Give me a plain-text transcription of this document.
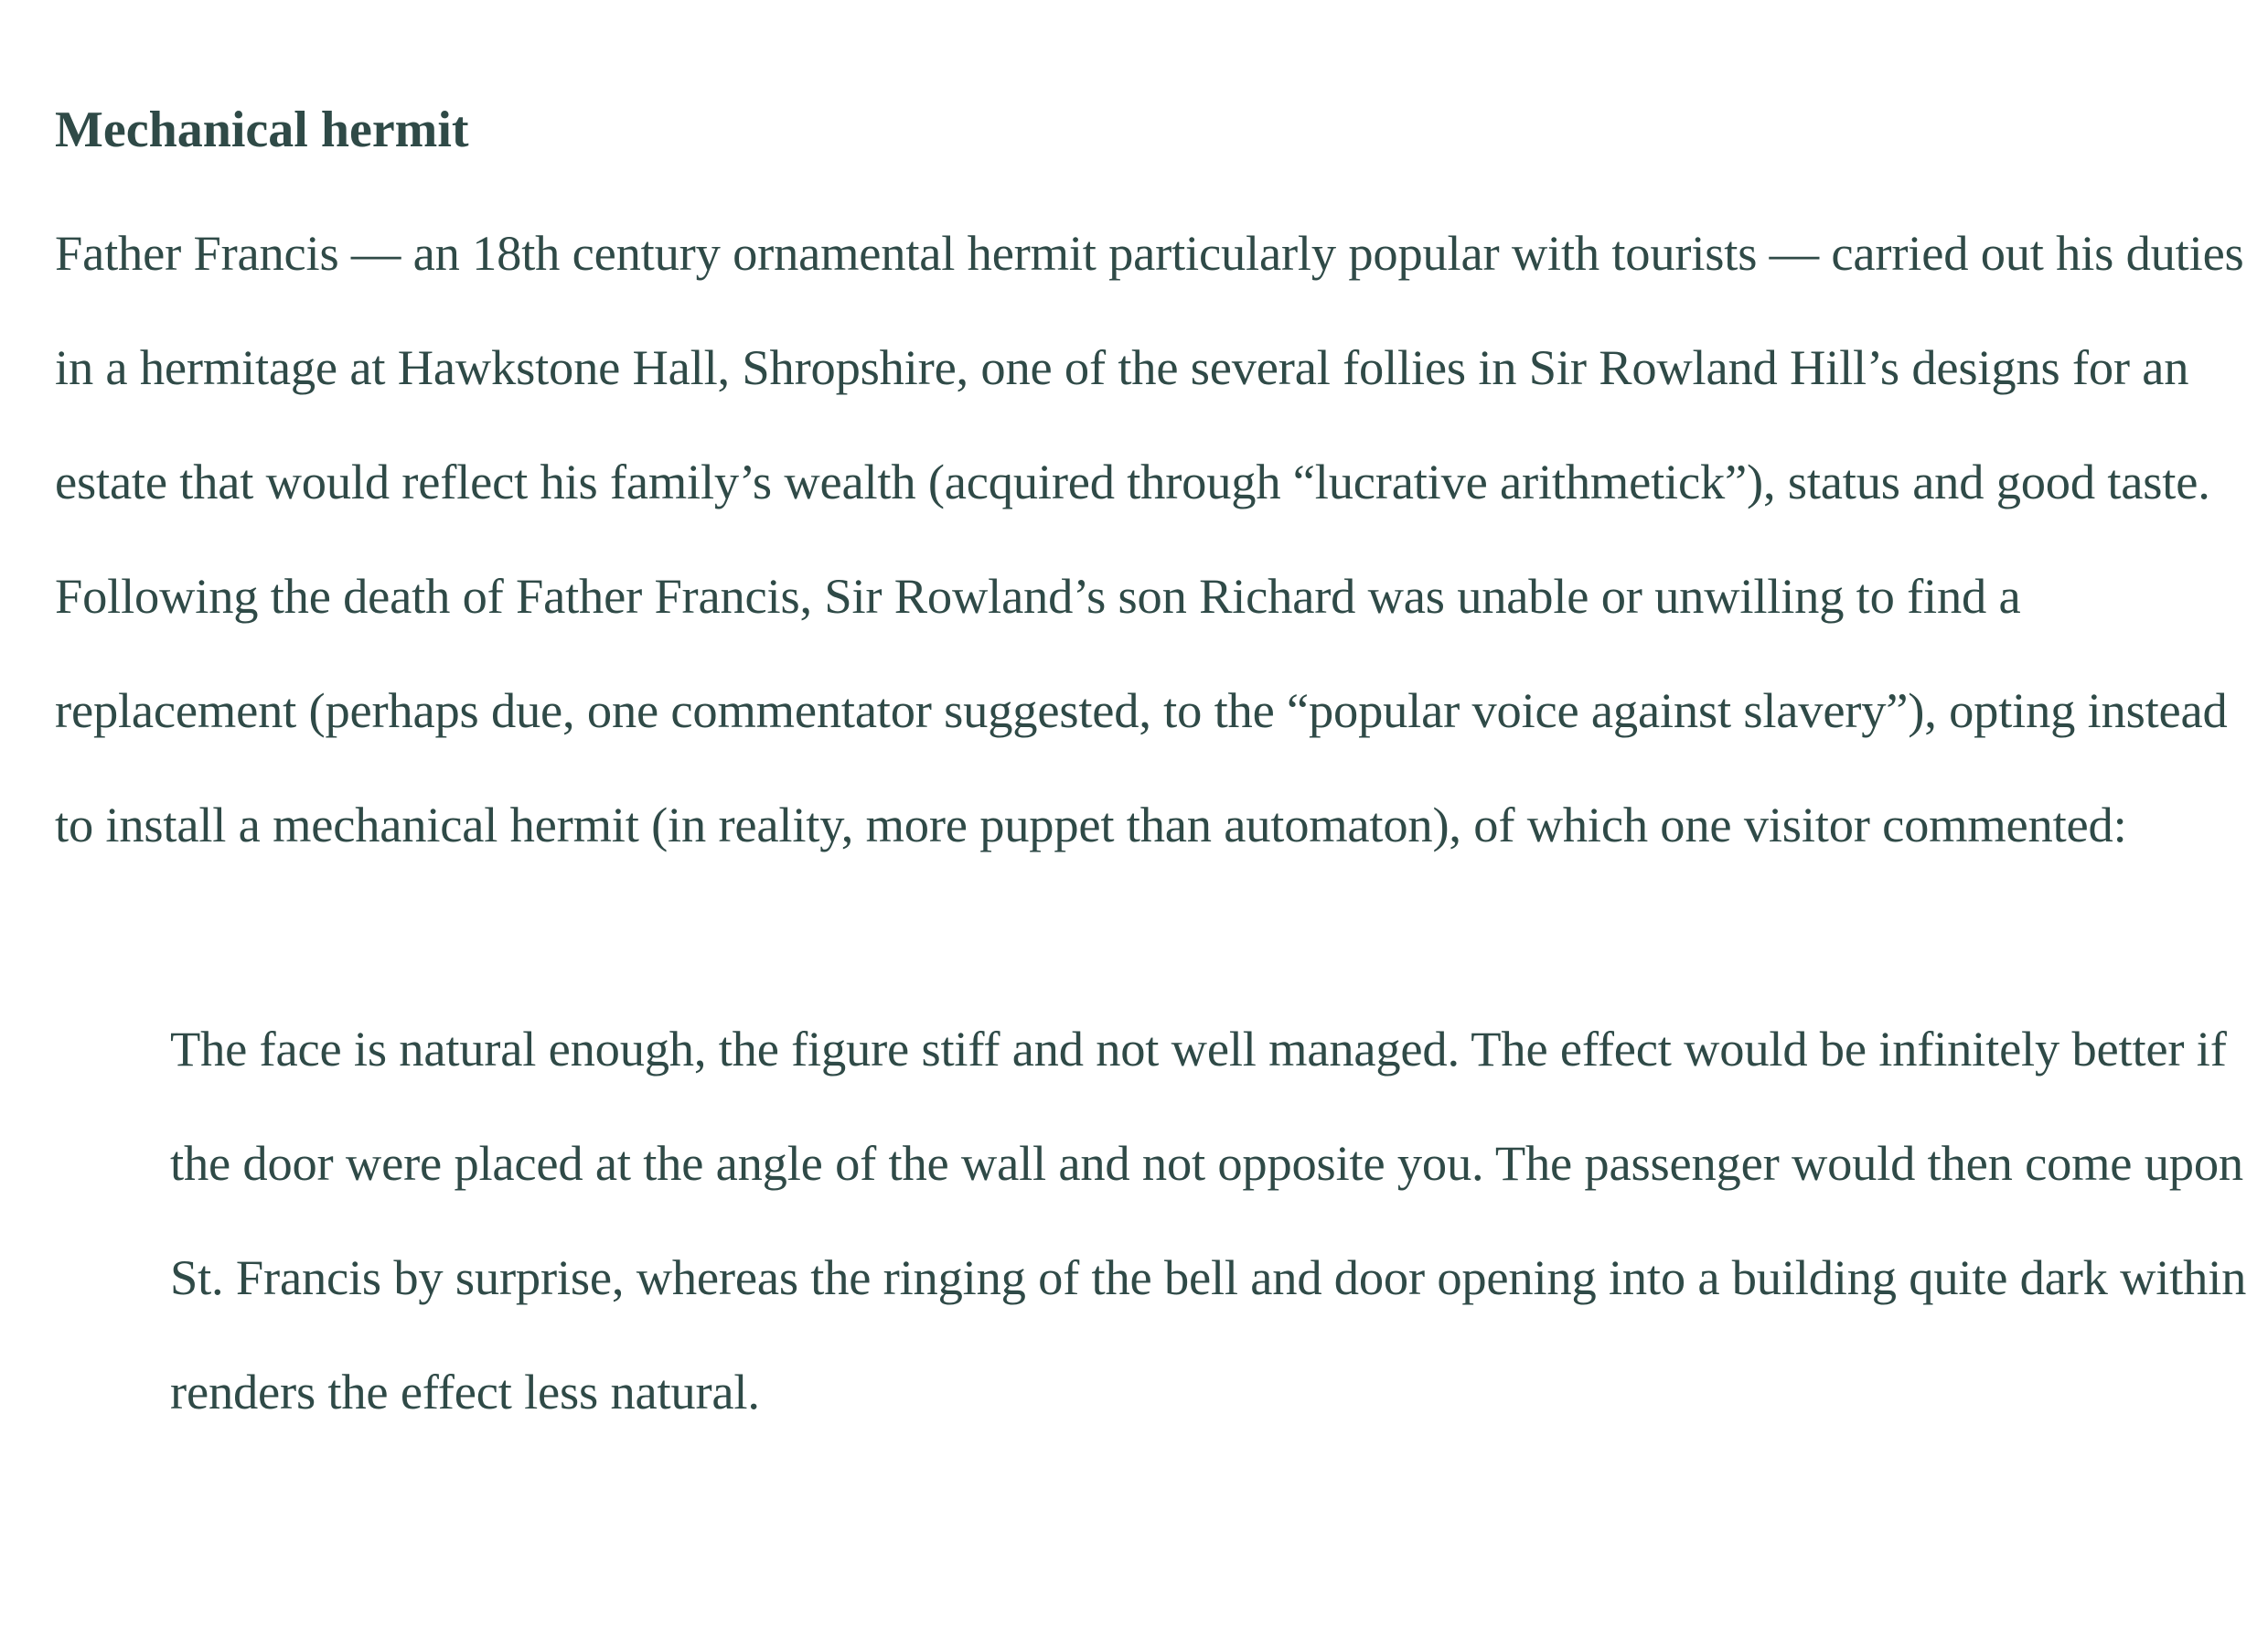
Mechanical hermit

Father Francis — an 18th century ornamental hermit particularly popular with tourists — carried out his duties in a hermitage at Hawkstone Hall, Shropshire, one of the several follies in Sir Rowland Hill’s designs for an estate that would reflect his family’s wealth (acquired through “lucrative arithmetick”), status and good taste. Following the death of Father Francis, Sir Rowland’s son Richard was unable or unwilling to find a replacement (perhaps due, one commentator suggested, to the “popular voice against slavery”), opting instead to install a mechanical hermit (in reality, more puppet than automaton), of which one visitor commented:

The face is natural enough, the figure stiff and not well managed. The effect would be infinitely better if the door were placed at the angle of the wall and not opposite you. The passenger would then come upon St. Francis by surprise, whereas the ringing of the bell and door opening into a building quite dark within renders the effect less natural.
